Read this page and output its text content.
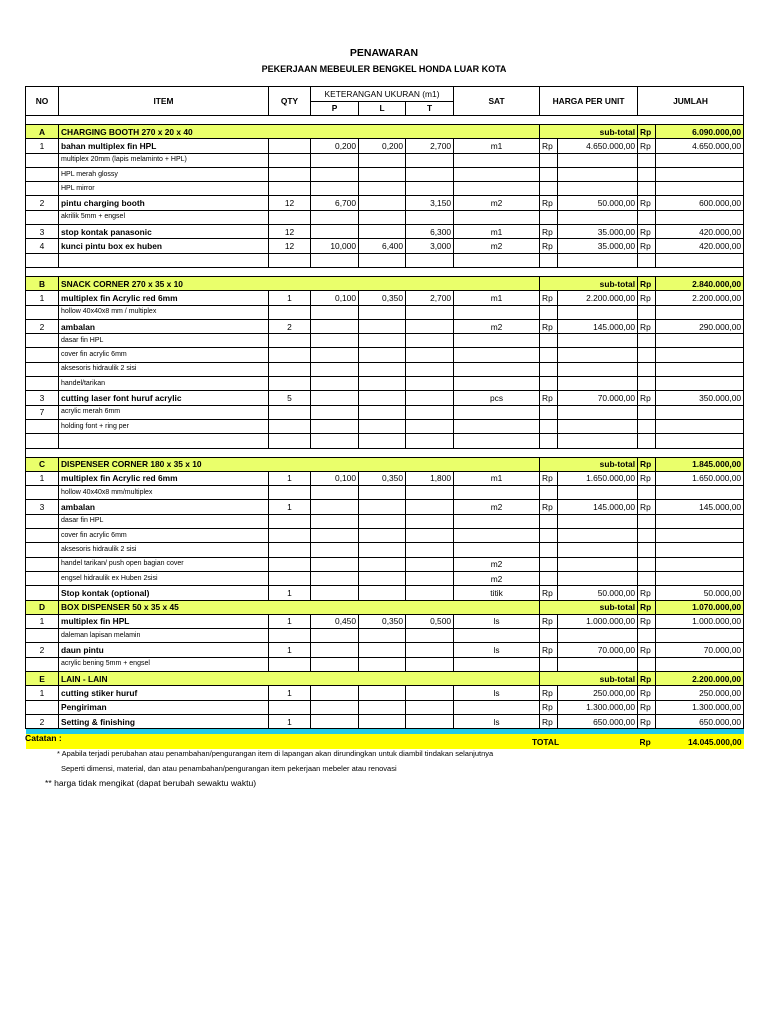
PENAWARAN
PEKERJAAN MEBEULER BENGKEL HONDA LUAR KOTA
NO	ITEM	QTY	KETERANGAN UKURAN (m1)			SAT	HARGA PER UNIT		JUMLAH	
			P	L	T					

A	CHARGING BOOTH 270 x 20 x 40						sub-total		Rp	6.090.000,00
1	bahan multiplex fin HPL		0,200	0,200	2,700	m1	Rp	4.650.000,00	Rp	4.650.000,00
	multiplex 20mm (lapis melaminto + HPL)									
	HPL merah glossy									
	HPL mirror									
2	pintu charging booth	12	6,700		3,150	m2	Rp	50.000,00	Rp	600.000,00
	akrilik 5mm + engsel									
3	stop kontak panasonic	12			6,300	m1	Rp	35.000,00	Rp	420.000,00
4	kunci pintu box ex huben	12	10,000	6,400	3,000	m2	Rp	35.000,00	Rp	420.000,00

B	SNACK CORNER 270 x 35 x 10						sub-total		Rp	2.840.000,00
1	multiplex fin Acrylic red 6mm	1	0,100	0,350	2,700	m1	Rp	2.200.000,00	Rp	2.200.000,00
	hollow 40x40x8 mm / multiplex									
2	ambalan	2				m2	Rp	145.000,00	Rp	290.000,00
	dasar fin HPL									
	cover fin acrylic 6mm									
	aksesoris hidraulik 2 sisi									
	handel/tarikan									
3	cutting laser font huruf acrylic	5				pcs	Rp	70.000,00	Rp	350.000,00
7	acrylic merah 6mm									
	holding font + ring per									

C	DISPENSER CORNER 180 x 35 x 10						sub-total		Rp	1.845.000,00
1	multiplex fin Acrylic red 6mm	1	0,100	0,350	1,800	m1	Rp	1.650.000,00	Rp	1.650.000,00
	hollow 40x40x8 mm/multiplex									
3	ambalan	1				m2	Rp	145.000,00	Rp	145.000,00
	dasar fin HPL									
	cover fin acrylic 6mm									
	aksesoris hidraulik 2 sisi									
	handel tarikan/ push open bagian cover					m2				
	engsel hidraulik ex Huben 2sisi					m2				
	Stop kontak (optional)	1				titik	Rp	50.000,00	Rp	50.000,00
D	BOX DISPENSER 50 x 35 x 45						sub-total		Rp	1.070.000,00
1	multiplex fin HPL	1	0,450	0,350	0,500	ls	Rp	1.000.000,00	Rp	1.000.000,00
	daleman lapisan melamin									
2	daun pintu	1				ls	Rp	70.000,00	Rp	70.000,00
	acrylic bening 5mm + engsel									
E	LAIN - LAIN						sub-total		Rp	2.200.000,00
1	cutting stiker huruf	1				ls	Rp	250.000,00	Rp	250.000,00
	Pengiriman						Rp	1.300.000,00	Rp	1.300.000,00
2	Setting & finishing	1				ls	Rp	650.000,00	Rp	650.000,00

						TOTAL			Rp	14.045.000,00
Catatan :
* Apabila terjadi perubahan atau penambahan/pengurangan item di lapangan akan dirundingkan untuk diambil tindakan selanjutnya
Seperti dimensi, material, dan atau penambahan/pengurangan item pekerjaan mebeler atau renovasi
** harga tidak mengikat (dapat berubah sewaktu waktu)
